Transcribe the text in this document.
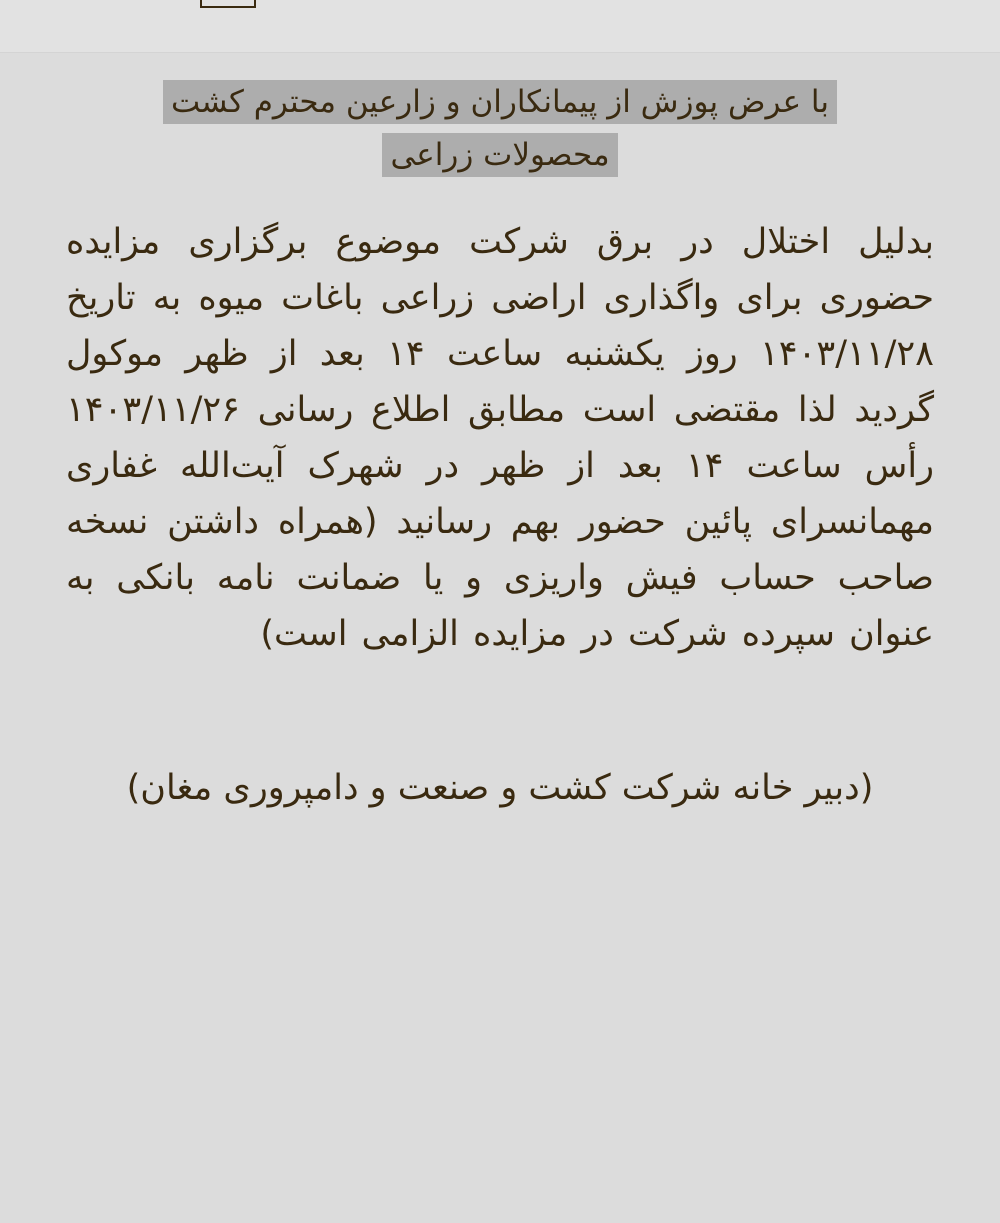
با عرض پوزش از پیمانکاران و زارعین محترم کشت
محصولات زراعی
بدلیل اختلال در برق شرکت موضوع برگزاری مزایده حضوری برای واگذاری اراضی زراعی باغات میوه به تاریخ ۱۴۰۳/۱۱/۲۸ روز یکشنبه ساعت ۱۴ بعد از ظهر موکول گردید لذا مقتضی است مطابق اطلاع رسانی ۱۴۰۳/۱۱/۲۶ رأس ساعت ۱۴ بعد از ظهر در شهرک آیت‌الله غفاری مهمانسرای پائین حضور بهم رسانید (همراه داشتن نسخه صاحب حساب فیش واریزی و یا ضمانت نامه بانکی به عنوان سپرده شرکت در مزایده الزامی است)
(دبیر خانه شرکت کشت و صنعت و دامپروری مغان)
